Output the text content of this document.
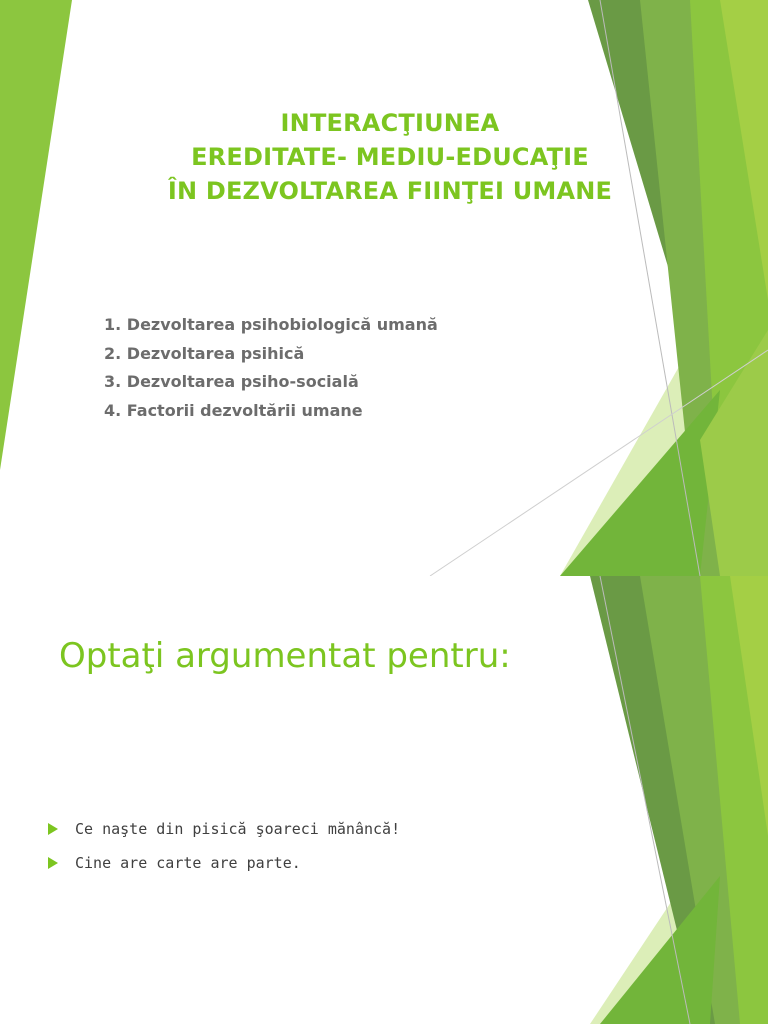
INTERACŢIUNEA
EREDITATE- MEDIU-EDUCAŢIE
ÎN DEZVOLTAREA FIINŢEI UMANE
1. Dezvoltarea psihobiologică umană
2. Dezvoltarea psihică
3. Dezvoltarea psiho-socială
4. Factorii dezvoltării umane
Optaţi argumentat pentru:
Ce naşte din pisică şoareci mănâncă!
Cine are carte are parte.
